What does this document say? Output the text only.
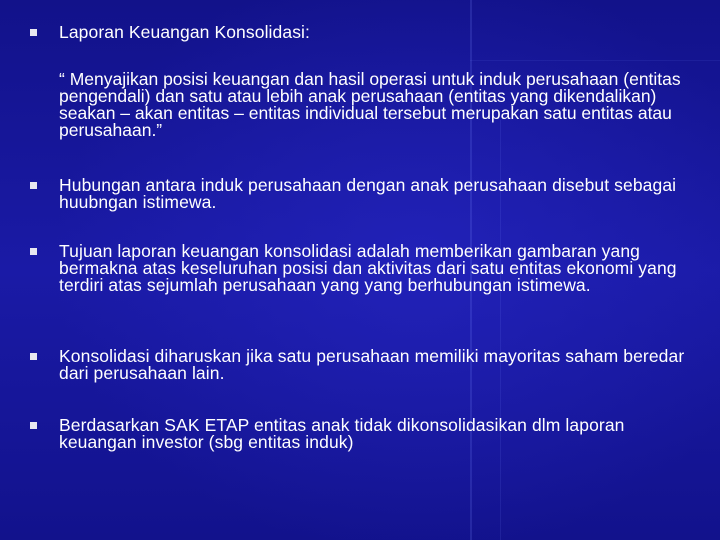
Laporan Keuangan Konsolidasi:
“ Menyajikan posisi keuangan dan hasil operasi untuk induk perusahaan (entitas pengendali) dan satu atau lebih anak perusahaan (entitas yang dikendalikan) seakan – akan entitas – entitas individual tersebut merupakan satu entitas atau perusahaan.”
Hubungan antara induk perusahaan dengan anak perusahaan disebut sebagai huubngan istimewa.
Tujuan laporan keuangan konsolidasi adalah memberikan gambaran yang bermakna atas keseluruhan posisi dan aktivitas dari satu entitas ekonomi yang terdiri atas sejumlah perusahaan yang yang berhubungan istimewa.
Konsolidasi diharuskan jika satu perusahaan memiliki mayoritas saham beredar dari perusahaan lain.
Berdasarkan SAK ETAP entitas anak tidak dikonsolidasikan dlm laporan keuangan investor (sbg entitas induk)
